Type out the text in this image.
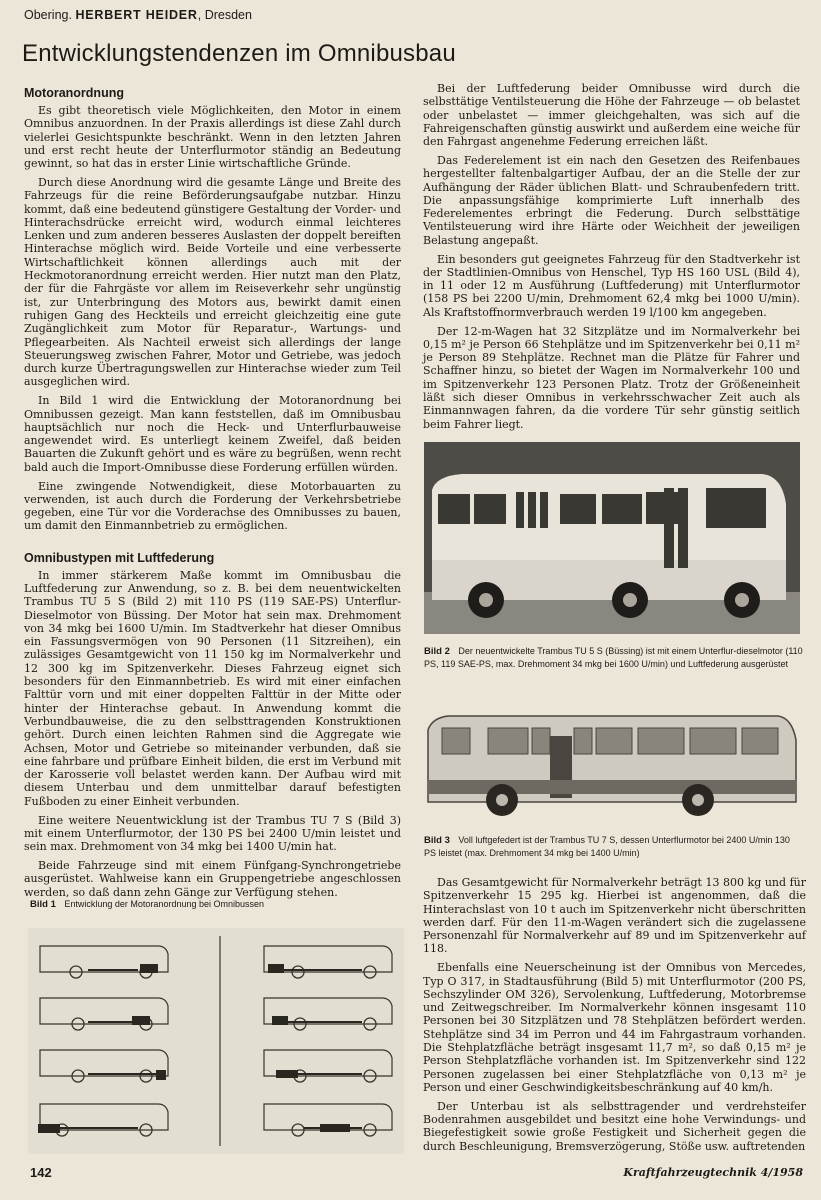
Obering. HERBERT HEIDER, Dresden
Entwicklungstendenzen im Omnibusbau
Motoranordnung

Es gibt theoretisch viele Möglichkeiten, den Motor in einem Omnibus anzuordnen. In der Praxis allerdings ist diese Zahl durch vielerlei Gesichtspunkte beschränkt. Wenn in den letzten Jahren und erst recht heute der Unterflurmotor ständig an Bedeutung gewinnt, so hat das in erster Linie wirtschaftliche Gründe.

Durch diese Anordnung wird die gesamte Länge und Breite des Fahrzeugs für die reine Beförderungsaufgabe nutzbar. Hinzu kommt, daß eine bedeutend günstigere Gestaltung der Vorder- und Hinterachsdrücke erreicht wird, wodurch einmal leichteres Lenken und zum anderen besseres Auslasten der doppelt bereiften Hinterachse möglich wird. Beide Vorteile und eine verbesserte Wirtschaftlichkeit können allerdings auch mit der Heckmotoranordnung erreicht werden. Hier nutzt man den Platz, der für die Fahrgäste vor allem im Reiseverkehr sehr ungünstig ist, zur Unterbringung des Motors aus, bewirkt damit einen ruhigen Gang des Heckteils und erreicht gleichzeitig eine gute Zugänglichkeit zum Motor für Reparatur-, Wartungs- und Pflegearbeiten. Als Nachteil erweist sich allerdings der lange Steuerungsweg zwischen Fahrer, Motor und Getriebe, was jedoch durch kurze Übertragungswellen zur Hinterachse wieder zum Teil ausgeglichen wird.

In Bild 1 wird die Entwicklung der Motoranordnung bei Omnibussen gezeigt. Man kann feststellen, daß im Omnibusbau hauptsächlich nur noch die Heck- und Unterflurbauweise angewendet wird. Es unterliegt keinem Zweifel, daß beiden Bauarten die Zukunft gehört und es wäre zu begrüßen, wenn recht bald auch die Import-Omnibusse diese Forderung erfüllen würden.

Eine zwingende Notwendigkeit, diese Motorbauarten zu verwenden, ist auch durch die Forderung der Verkehrsbetriebe gegeben, eine Tür vor die Vorderachse des Omnibusses zu bauen, um damit den Einmannbetrieb zu ermöglichen.

Omnibustypen mit Luftfederung

In immer stärkerem Maße kommt im Omnibusbau die Luftfederung zur Anwendung, so z. B. bei dem neuentwickelten Trambus TU 5 S (Bild 2) mit 110 PS (119 SAE-PS) Unterflur-Dieselmotor von Büssing. Der Motor hat sein max. Drehmoment von 34 mkg bei 1600 U/min. Im Stadtverkehr hat dieser Omnibus ein Fassungsvermögen von 90 Personen (11 Sitzreihen), ein zulässiges Gesamtgewicht von 11 150 kg im Normalverkehr und 12 300 kg im Spitzenverkehr. Dieses Fahrzeug eignet sich besonders für den Einmannbetrieb. Es wird mit einer einfachen Falttür vorn und mit einer doppelten Falttür in der Mitte oder hinter der Hinterachse gebaut. In Anwendung kommt die Verbundbauweise, die zu den selbsttragenden Konstruktionen gehört. Durch einen leichten Rahmen sind die Aggregate wie Achsen, Motor und Getriebe so miteinander verbunden, daß sie eine fahrbare und prüfbare Einheit bilden, die erst im Verbund mit der Karosserie voll belastet werden kann. Der Aufbau wird mit diesem Unterbau und dem unmittelbar darauf befestigten Fußboden zu einer Einheit verbunden.

Eine weitere Neuentwicklung ist der Trambus TU 7 S (Bild 3) mit einem Unterflurmotor, der 130 PS bei 2400 U/min leistet und sein max. Drehmoment von 34 mkg bei 1400 U/min hat.

Beide Fahrzeuge sind mit einem Fünfgang-Synchrongetriebe ausgerüstet. Wahlweise kann ein Gruppengetriebe angeschlossen werden, so daß dann zehn Gänge zur Verfügung stehen.

Bild 1 Entwicklung der Motoranordnung bei Omnibussen

Bei der Luftfederung beider Omnibusse wird durch die selbsttätige Ventilsteuerung die Höhe der Fahrzeuge — ob belastet oder unbelastet — immer gleichgehalten, was sich auf die Fahreigenschaften günstig auswirkt und außerdem eine weiche für den Fahrgast angenehme Federung erreichen läßt.

Das Federelement ist ein nach den Gesetzen des Reifenbaues hergestellter faltenbalgartiger Aufbau, der an die Stelle der zur Aufhängung der Räder üblichen Blatt- und Schraubenfedern tritt. Die anpassungsfähige komprimierte Luft innerhalb des Federelementes erbringt die Federung. Durch selbsttätige Ventilsteuerung wird ihre Härte oder Weichheit der jeweiligen Belastung angepaßt.

Ein besonders gut geeignetes Fahrzeug für den Stadtverkehr ist der Stadtlinien-Omnibus von Henschel, Typ HS 160 USL (Bild 4), in 11 oder 12 m Ausführung (Luftfederung) mit Unterflurmotor (158 PS bei 2200 U/min, Drehmoment 62,4 mkg bei 1000 U/min). Als Kraftstoffnormverbrauch werden 19 l/100 km angegeben.

Der 12-m-Wagen hat 32 Sitzplätze und im Normalverkehr bei 0,15 m² je Person 66 Stehplätze und im Spitzenverkehr bei 0,11 m² je Person 89 Stehplätze. Rechnet man die Plätze für Fahrer und Schaffner hinzu, so bietet der Wagen im Normalverkehr 100 und im Spitzenverkehr 123 Personen Platz. Trotz der Größeneinheit läßt sich dieser Omnibus in verkehrsschwacher Zeit auch als Einmannwagen fahren, da die vordere Tür sehr günstig seitlich beim Fahrer liegt.

Bild 2 Der neuentwickelte Trambus TU 5 S (Büssing) ist mit einem Unterflur-dieselmotor (110 PS, 119 SAE-PS, max. Drehmoment 34 mkg bei 1600 U/min) und Luftfederung ausgerüstet
Bild 3 Voll luftgefedert ist der Trambus TU 7 S, dessen Unterflurmotor bei 2400 U/min 130 PS leistet (max. Drehmoment 34 mkg bei 1400 U/min)

Das Gesamtgewicht für Normalverkehr beträgt 13 800 kg und für Spitzenverkehr 15 295 kg. Hierbei ist angenommen, daß die Hinterachslast von 10 t auch im Spitzenverkehr nicht überschritten werden darf. Für den 11-m-Wagen verändert sich die zugelassene Personenzahl für Normalverkehr auf 89 und im Spitzenverkehr auf 118.

Ebenfalls eine Neuerscheinung ist der Omnibus von Mercedes, Typ O 317, in Stadtausführung (Bild 5) mit Unterflurmotor (200 PS, Sechszylinder OM 326), Servolenkung, Luftfederung, Motorbremse und Zeitwegschreiber. Im Normalverkehr können insgesamt 110 Personen bei 30 Sitzplätzen und 78 Stehplätzen befördert werden. Stehplätze sind 34 im Perron und 44 im Fahrgastraum vorhanden. Die Stehplatzfläche beträgt insgesamt 11,7 m², so daß 0,15 m² je Person Stehplatzfläche vorhanden ist. Im Spitzenverkehr sind 122 Personen zugelassen bei einer Stehplatzfläche von 0,13 m² je Person und einer Geschwindigkeitsbeschränkung auf 40 km/h.

Der Unterbau ist als selbsttragender und verdrehsteifer Bodenrahmen ausgebildet und besitzt eine hohe Verwindungs- und Biegefestigkeit sowie große Festigkeit und Sicherheit gegen die durch Beschleunigung, Bremsverzögerung, Stöße usw. auftretenden

142	Kraftfahrzeugtechnik 4/1958
